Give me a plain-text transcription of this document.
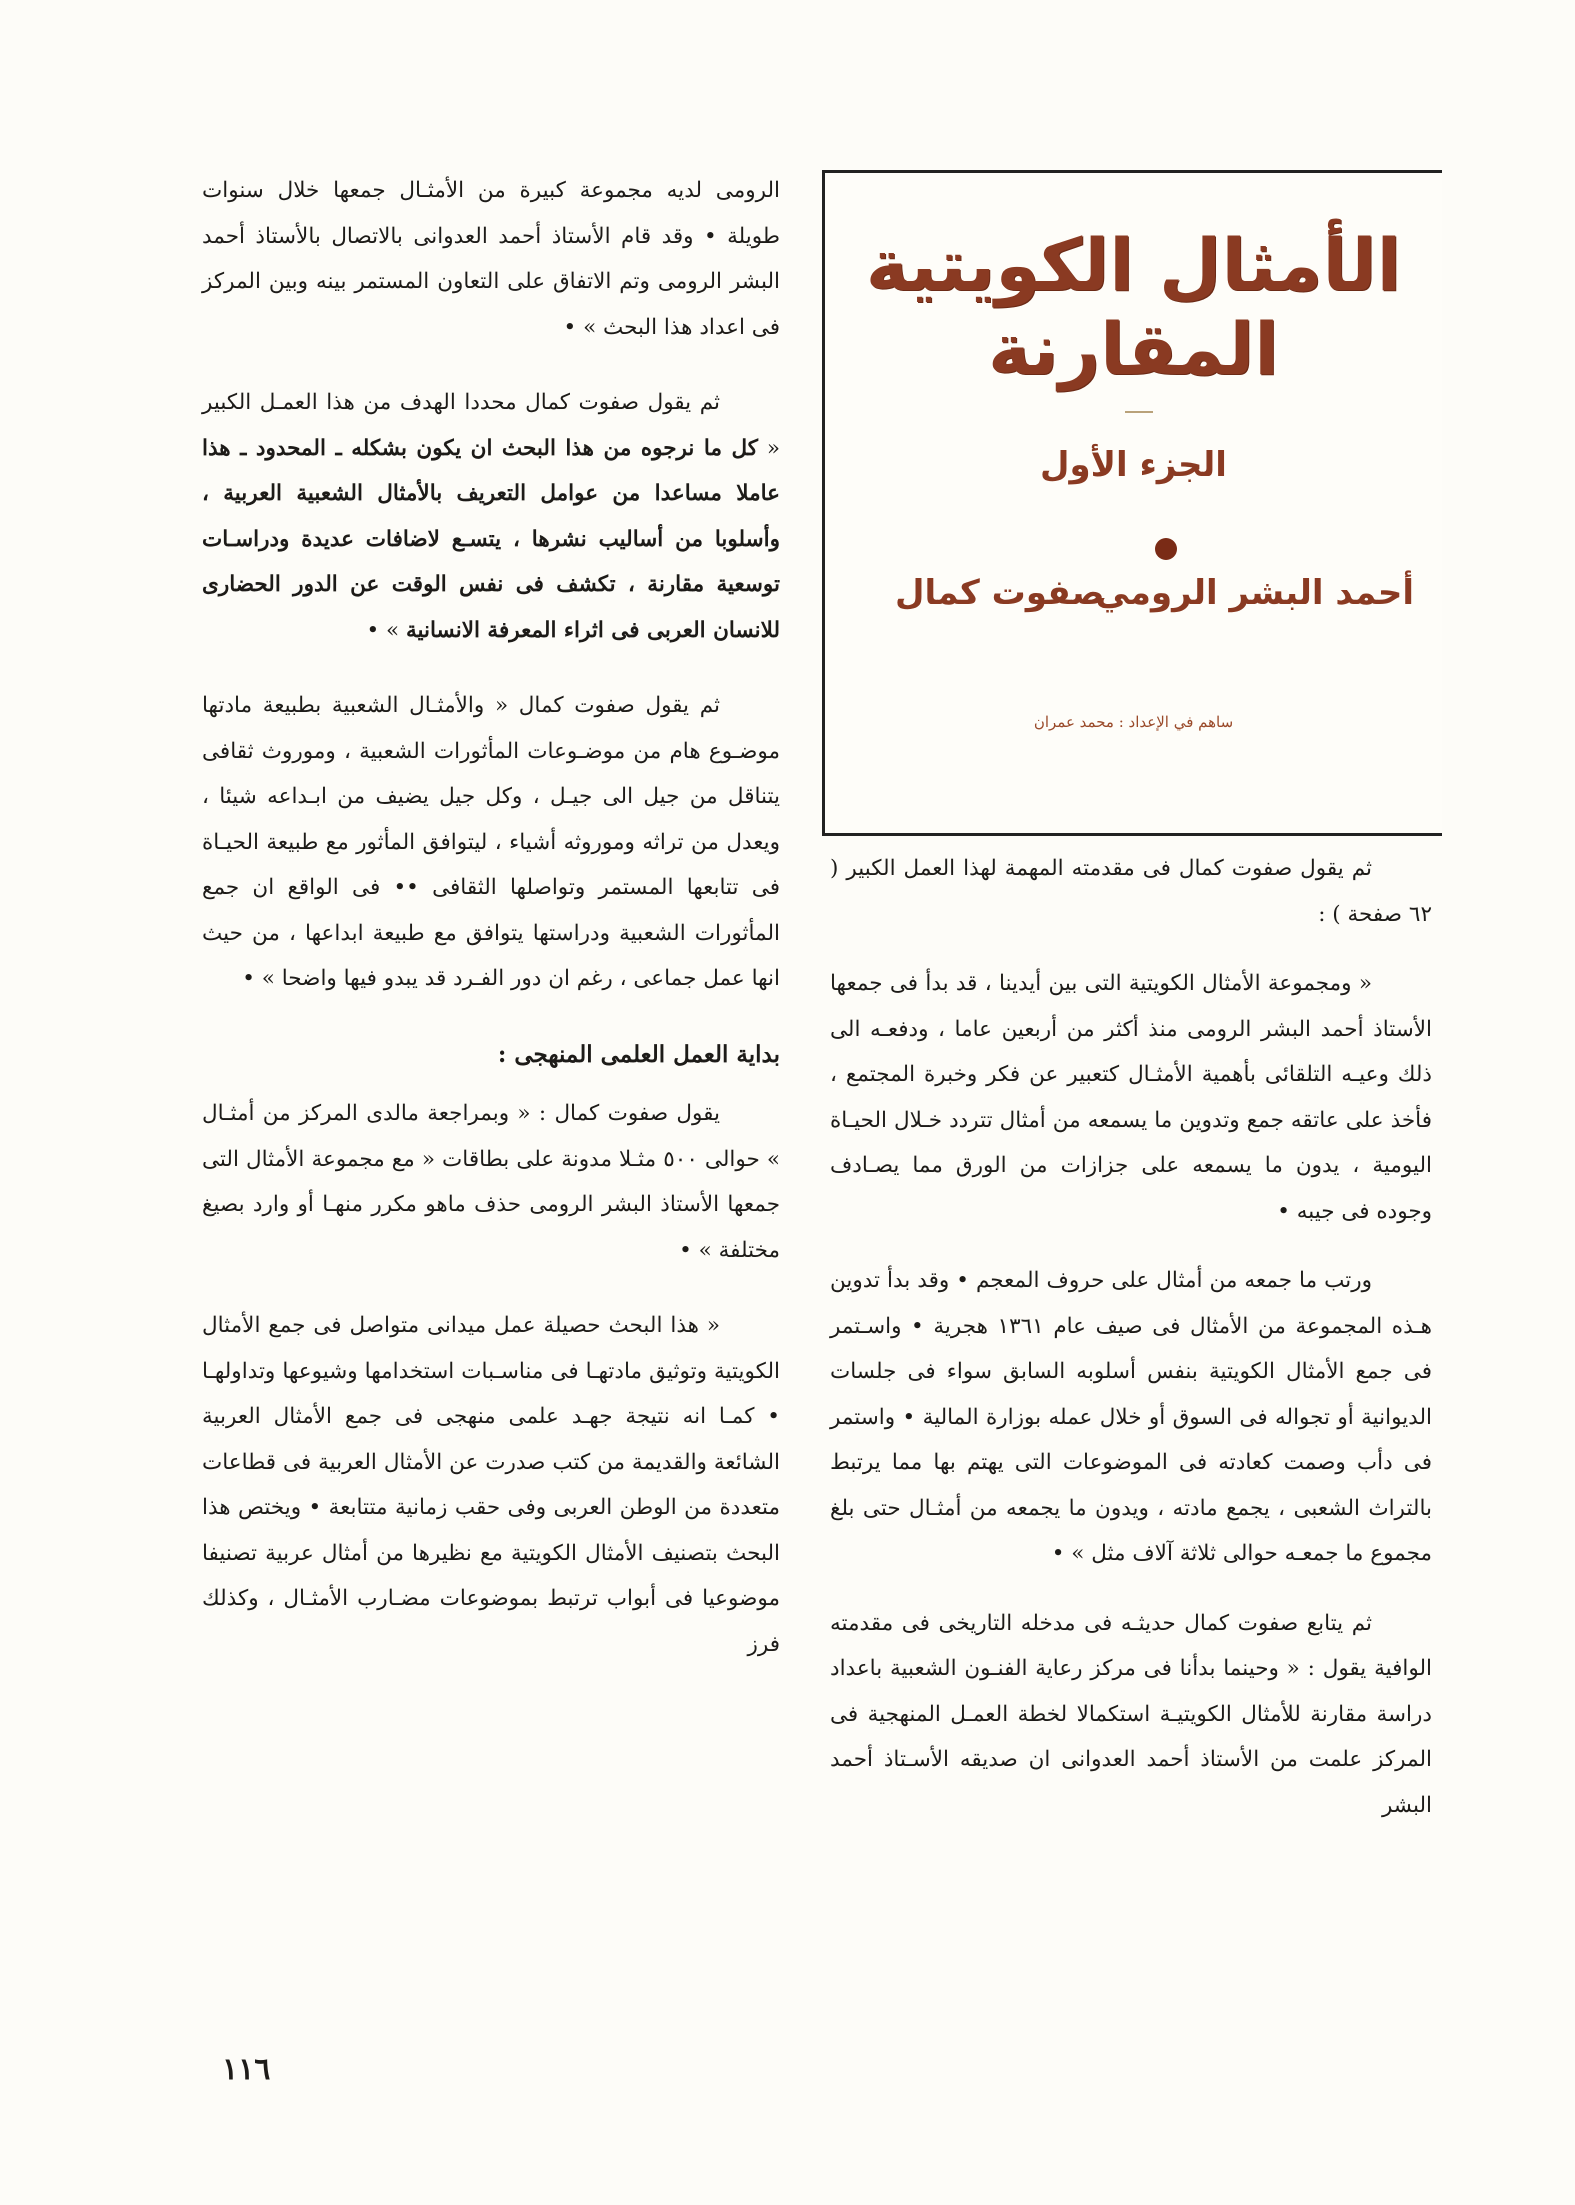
الرومى لديه مجموعة كبيرة من الأمثـال جمعها خلال سنوات طويلة • وقد قام الأستاذ أحمد العدوانى بالاتصال بالأستاذ أحمد البشر الرومى وتم الاتفاق على التعاون المستمر بينه وبين المركز فى اعداد هذا البحث » •

ثم يقول صفوت كمال محددا الهدف من هذا العمـل الكبير « كل ما نرجوه من هذا البحث ان يكون بشكله ـ المحدود ـ هذا عاملا مساعدا من عوامل التعريف بالأمثال الشعبية العربية ، وأسلوبا من أساليب نشرها ، يتسـع لاضافات عديدة ودراسـات توسعية مقارنة ، تكشف فى نفس الوقت عن الدور الحضارى للانسان العربى فى اثراء المعرفة الانسانية » •

ثم يقول صفوت كمال « والأمثـال الشعبية بطبيعة مادتها موضـوع هام من موضـوعات المأثورات الشعبية ، وموروث ثقافى يتناقل من جيل الى جيـل ، وكل جيل يضيف من ابـداعه شيئا ، ويعدل من تراثه وموروثه أشياء ، ليتوافق المأثور مع طبيعة الحيـاة فى تتابعها المستمر وتواصلها الثقافى •• فى الواقع ان جمع المأثورات الشعبية ودراستها يتوافق مع طبيعة ابداعها ، من حيث انها عمل جماعى ، رغم ان دور الفـرد قد يبدو فيها واضحا » •

بداية العمل العلمى المنهجى :

يقول صفوت كمال : « وبمراجعة مالدى المركز من أمثـال » حوالى ٥٠٠ مثـلا مدونة على بطاقات « مع مجموعة الأمثال التى جمعها الأستاذ البشر الرومى حذف ماهو مكرر منهـا أو وارد بصيغ مختلفة » •

« هذا البحث حصيلة عمل ميدانى متواصل فى جمع الأمثال الكويتية وتوثيق مادتهـا فى مناسـبات استخدامها وشيوعها وتداولهـا • كمـا انه نتيجة جهـد علمى منهجى فى جمع الأمثال العربية الشائعة والقديمة من كتب صدرت عن الأمثال العربية فى قطاعات متعددة من الوطن العربى وفى حقب زمانية متتابعة • ويختص هذا البحث بتصنيف الأمثال الكويتية مع نظيرها من أمثال عربية تصنيفا موضوعيا فى أبواب ترتبط بموضوعات مضـارب الأمثـال ، وكذلك فرز

الأمثال الكويتية المقارنة
الجزء الأول
أحمد البشر الرومي
صفوت كمال
ساهم في الإعداد : محمد عمران

ثم يقول صفوت كمال فى مقدمته المهمة لهذا العمل الكبير ( ٦٢ صفحة ) :

« ومجموعة الأمثال الكويتية التى بين أيدينا ، قد بدأ فى جمعها الأستاذ أحمد البشر الرومى منذ أكثر من أربعين عاما ، ودفعـه الى ذلك وعيـه التلقائى بأهمية الأمثـال كتعبير عن فكر وخبرة المجتمع ، فأخذ على عاتقه جمع وتدوين ما يسمعه من أمثال تتردد خـلال الحيـاة اليومية ، يدون ما يسمعه على جزازات من الورق مما يصـادف وجوده فى جيبه •

ورتب ما جمعه من أمثال على حروف المعجم • وقد بدأ تدوين هـذه المجموعة من الأمثال فى صيف عام ١٣٦١ هجرية • واسـتمر فى جمع الأمثال الكويتية بنفس أسلوبه السابق سواء فى جلسات الديوانية أو تجواله فى السوق أو خلال عمله بوزارة المالية • واستمر فى دأب وصمت كعادته فى الموضوعات التى يهتم بها مما يرتبط بالتراث الشعبى ، يجمع مادته ، ويدون ما يجمعه من أمثـال حتى بلغ مجموع ما جمعـه حوالى ثلاثة آلاف مثل » •

ثم يتابع صفوت كمال حديثـه فى مدخله التاريخى فى مقدمته الوافية يقول : « وحينما بدأنا فى مركز رعاية الفنـون الشعبية باعداد دراسة مقارنة للأمثال الكويتيـة استكمالا لخطة العمـل المنهجية فى المركز علمت من الأستاذ أحمد العدوانى ان صديقه الأسـتاذ أحمد البشر

١١٦
